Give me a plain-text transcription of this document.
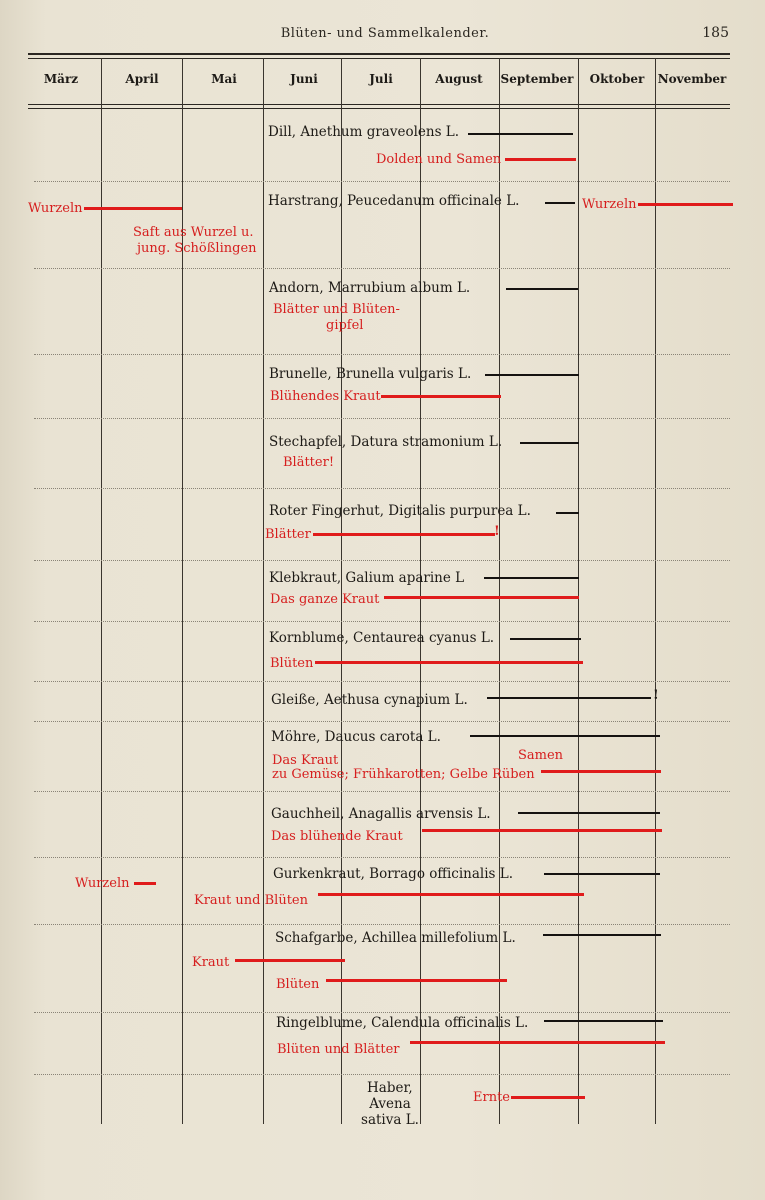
Blüten- und Sammelkalender.	185
März	April	Mai	Juni	Juli	August	September	Oktober	November
Dill, Anethum graveolens L.
Dolden und Samen
Wurzeln	Harstrang, Peucedanum officinale L.	Wurzeln
Saft aus Wurzel u.
jung. Schößlingen
Andorn, Marrubium album L.
Blätter und Blüten-
gipfel
Brunelle, Brunella vulgaris L.
Blühendes Kraut
Stechapfel, Datura stramonium L.
Blätter!
Roter Fingerhut, Digitalis purpurea L.
Blätter	!
Klebkraut, Galium aparine L
Das ganze Kraut
Kornblume, Centaurea cyanus L.
Blüten
Gleiße, Aethusa cynapium L.	!
Möhre, Daucus carota L.
Samen
Das Kraut
zu Gemüse; Frühkarotten; Gelbe Rüben
Gauchheil, Anagallis arvensis L.
Das blühende Kraut
Wurzeln
Gurkenkraut, Borrago officinalis L.
Kraut und Blüten
Schafgarbe, Achillea millefolium L.
Kraut
Blüten
Ringelblume, Calendula officinalis L.
Blüten und Blätter
Haber,
Avena sativa L.
Ernte
